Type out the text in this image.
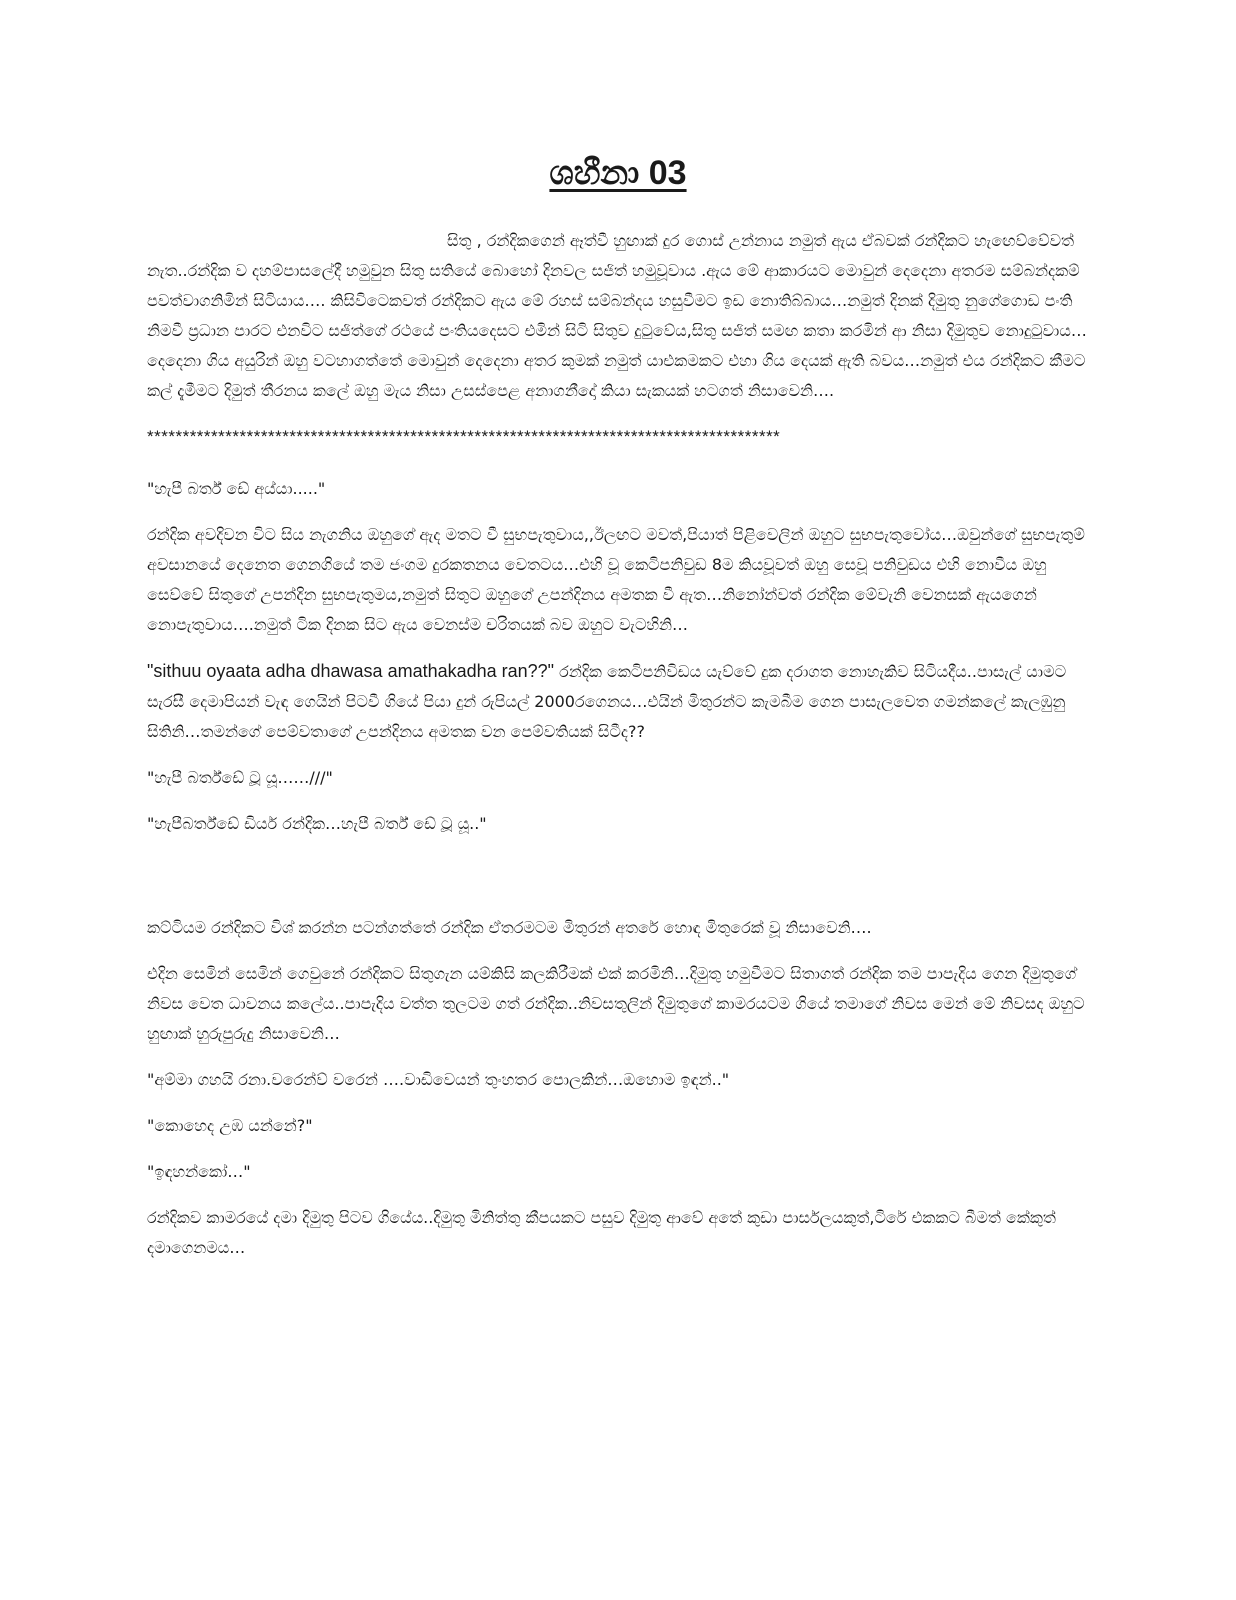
ශහීනා 03

සිතු , රන්දිකගෙන් ඈත්වී හුඟාක් දුර ගොස් උන්නාය නමුත් ඇය ඒබවක් රන්දිකට හැඟෙව්වේවත් නැත..රන්දික ව දහම්පාසලේදී හමුවුන සිතු සතියේ බොහෝ දිනවල සජිත් හමුවූවාය .ඇය මේ ආකාරයට මොවුන් දෙදෙනා අතරම සම්බන්දකම් පවත්වාගනිමින් සිටියාය…. කිසිවිටෙකවත් රන්දිකට ඇය මේ රහස් සම්බන්දය හසුවීමට ඉඩ නොතිබ්බාය…නමුත් දිනක් දිමුතු නුගේගොඩ පංති නිමවී ප්‍රධාන පාරට එනවිට සජිත්ගේ රථයේ පංතියදෙසට එමින් සිටි සිතුව දුටුවේය,සිතු සජිත් සමඟ කතා කරමින් ආ නිසා දිමුතුව නොදුටුවාය…දෙදෙනා ගිය අයුරින් ඔහු වටහාගත්තේ මොවුන් දෙදෙනා අතර කුමක් නමුත් යාළුකමකට එහා ගිය දෙයක් ඇති බවය…නමුත් එය රන්දිකට කීමට කල් දැමීමට දිමුත් තීරනය කලේ ඔහු මැය නිසා උසස්පෙළ අනාගනීදෝ කියා සැකයක් හටගත් නිසාවෙනි….

*****************************************************************************************

"හැපී බර්ත් ඩේ අය්යා....."

රන්දික අවදිවන විට සිය නැගනිය ඔහුගේ ඇද මතට වී සුභපැතුවාය,,ඊලඟට මවත්,පියාත් පිළිවෙලින් ඔහුට සුභපැතුවෝය…ඔවුන්ගේ සුභපැතුම් අවසානයේ දෙනෙත ගෙනගියේ තම ජංගම දුරකතනය වෙතටය…එහි වූ කෙටිපනිවුඩ 8ම කියවූවත් ඔහු සෙවූ පනිවුඩය එහි නොවීය ඔහු සෙව්වේ සිතුගේ උපන්දින සුභපැතුමය,නමුත් සිතුට ඔහුගේ උපන්දිනය අමතක වී ඇත…නිනෝන්වත් රන්දික මේවැනි වෙනසක් ඇයගෙන් නොපැතුවාය….නමුත් ටික දිනක සිට ඇය වෙනස්ම චරිතයක් බව ඔහුට වැටහිනි…

"sithuu oyaata adha dhawasa amathakadha ran??" රන්දික කෙටිපනිවිඩය යැව්වේ දුක දරාගත නොහැකිව සිටියදීය..පාසැල් යාමට සැරසී දෙමාපියන් වැඳ ගෙයින් පිටවී ගියේ පියා දුන් රුපියල් 2000රගෙනය…එයින් මිතුරන්ට කැමබීම ගෙන පාසැලවෙත ගමන්කලේ කැලඹුනු සිතිනි…තමන්ගේ පෙම්වතාගේ උපන්දිනය අමතක වන පෙම්වතියක් සිටීද??

"හැපී බර්ත්ඩේ ටූ යූ……///"

"හැපීබර්ත්ඩේ ඩියර් රන්දික…හැපී බර්ත් ඩේ ටූ යූ.."

කට්ටියම රන්දිකට විශ් කරන්න පටන්ගත්තේ රන්දික ඒතරමටම මිතුරන් අතරේ හොඳ මිතුරෙක් වූ නිසාවෙනි….

එදින සෙමින් සෙමින් ගෙවුනේ රන්දිකට සිතුගැන යම්කිසි කලකිරීමක් එක් කරමිනි…දිමුතු හමුවීමට සිතාගත් රන්දික තම පාපැදිය ගෙන දිමුතුගේ නිවස වෙත ධාවනය කලේය..පාපැදිය වත්ත තුලටම ගත් රන්දික..නිවසතුලින් දිමුතුගේ කාමරයටම ගියේ තමාගේ නිවස මෙන් මේ නිවසද ඔහුට හුඟාක් හුරුපුරුදු නිසාවෙනි…

"අම්මා ගහයි රනා.වරෙන්ව් වරෙන් ….වාඩිවෙයන් තුංහතර පොලකින්…ඔහොම ඉඳන්.."

"කොහෙද උඹ යන්නේ?"

"ඉඳහන්කෝ…"

රන්දිකව කාමරයේ දමා දිමුතු පිටව ගියේය..දිමුතු මිනිත්තු කීපයකට පසුව දිමුතු ආවේ අතේ කුඩා පාර්සලයකුත්,ටිරේ එකකට බීමත් කේකුත් දමාගෙනමය…
